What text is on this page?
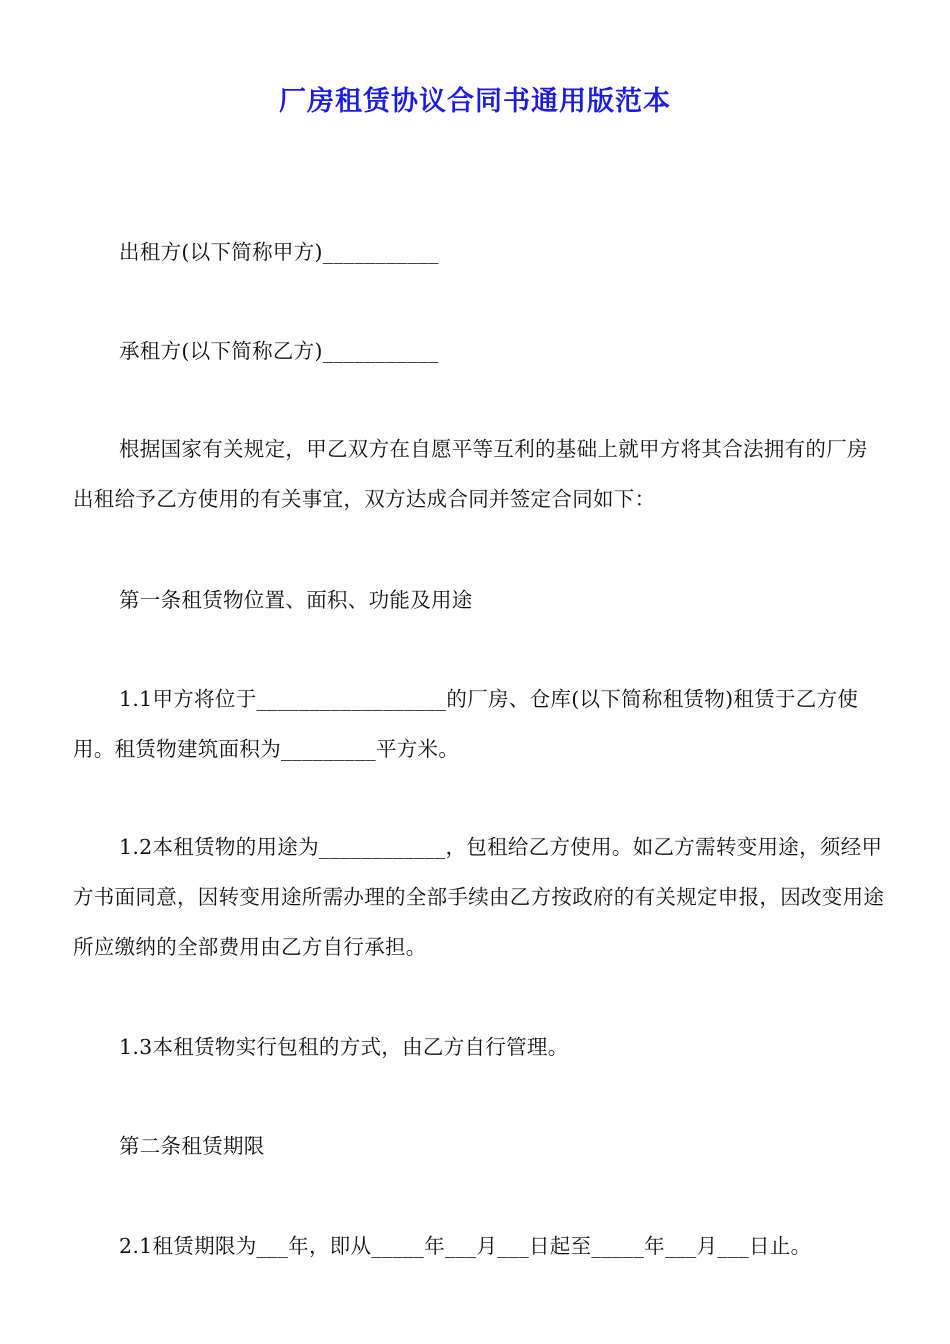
厂房租赁协议合同书通用版范本

出租方(以下简称甲方)___________

承租方(以下简称乙方)___________

根据国家有关规定，甲乙双方在自愿平等互利的基础上就甲方将其合法拥有的厂房出租给予乙方使用的有关事宜，双方达成合同并签定合同如下：

第一条租赁物位置、面积、功能及用途

1.1甲方将位于__________________的厂房、仓库(以下简称租赁物)租赁于乙方使用。租赁物建筑面积为_________平方米。

1.2本租赁物的用途为____________，包租给乙方使用。如乙方需转变用途，须经甲方书面同意，因转变用途所需办理的全部手续由乙方按政府的有关规定申报，因改变用途所应缴纳的全部费用由乙方自行承担。

1.3本租赁物实行包租的方式，由乙方自行管理。

第二条租赁期限

2.1租赁期限为___年，即从_____年___月___日起至_____年___月___日止。
